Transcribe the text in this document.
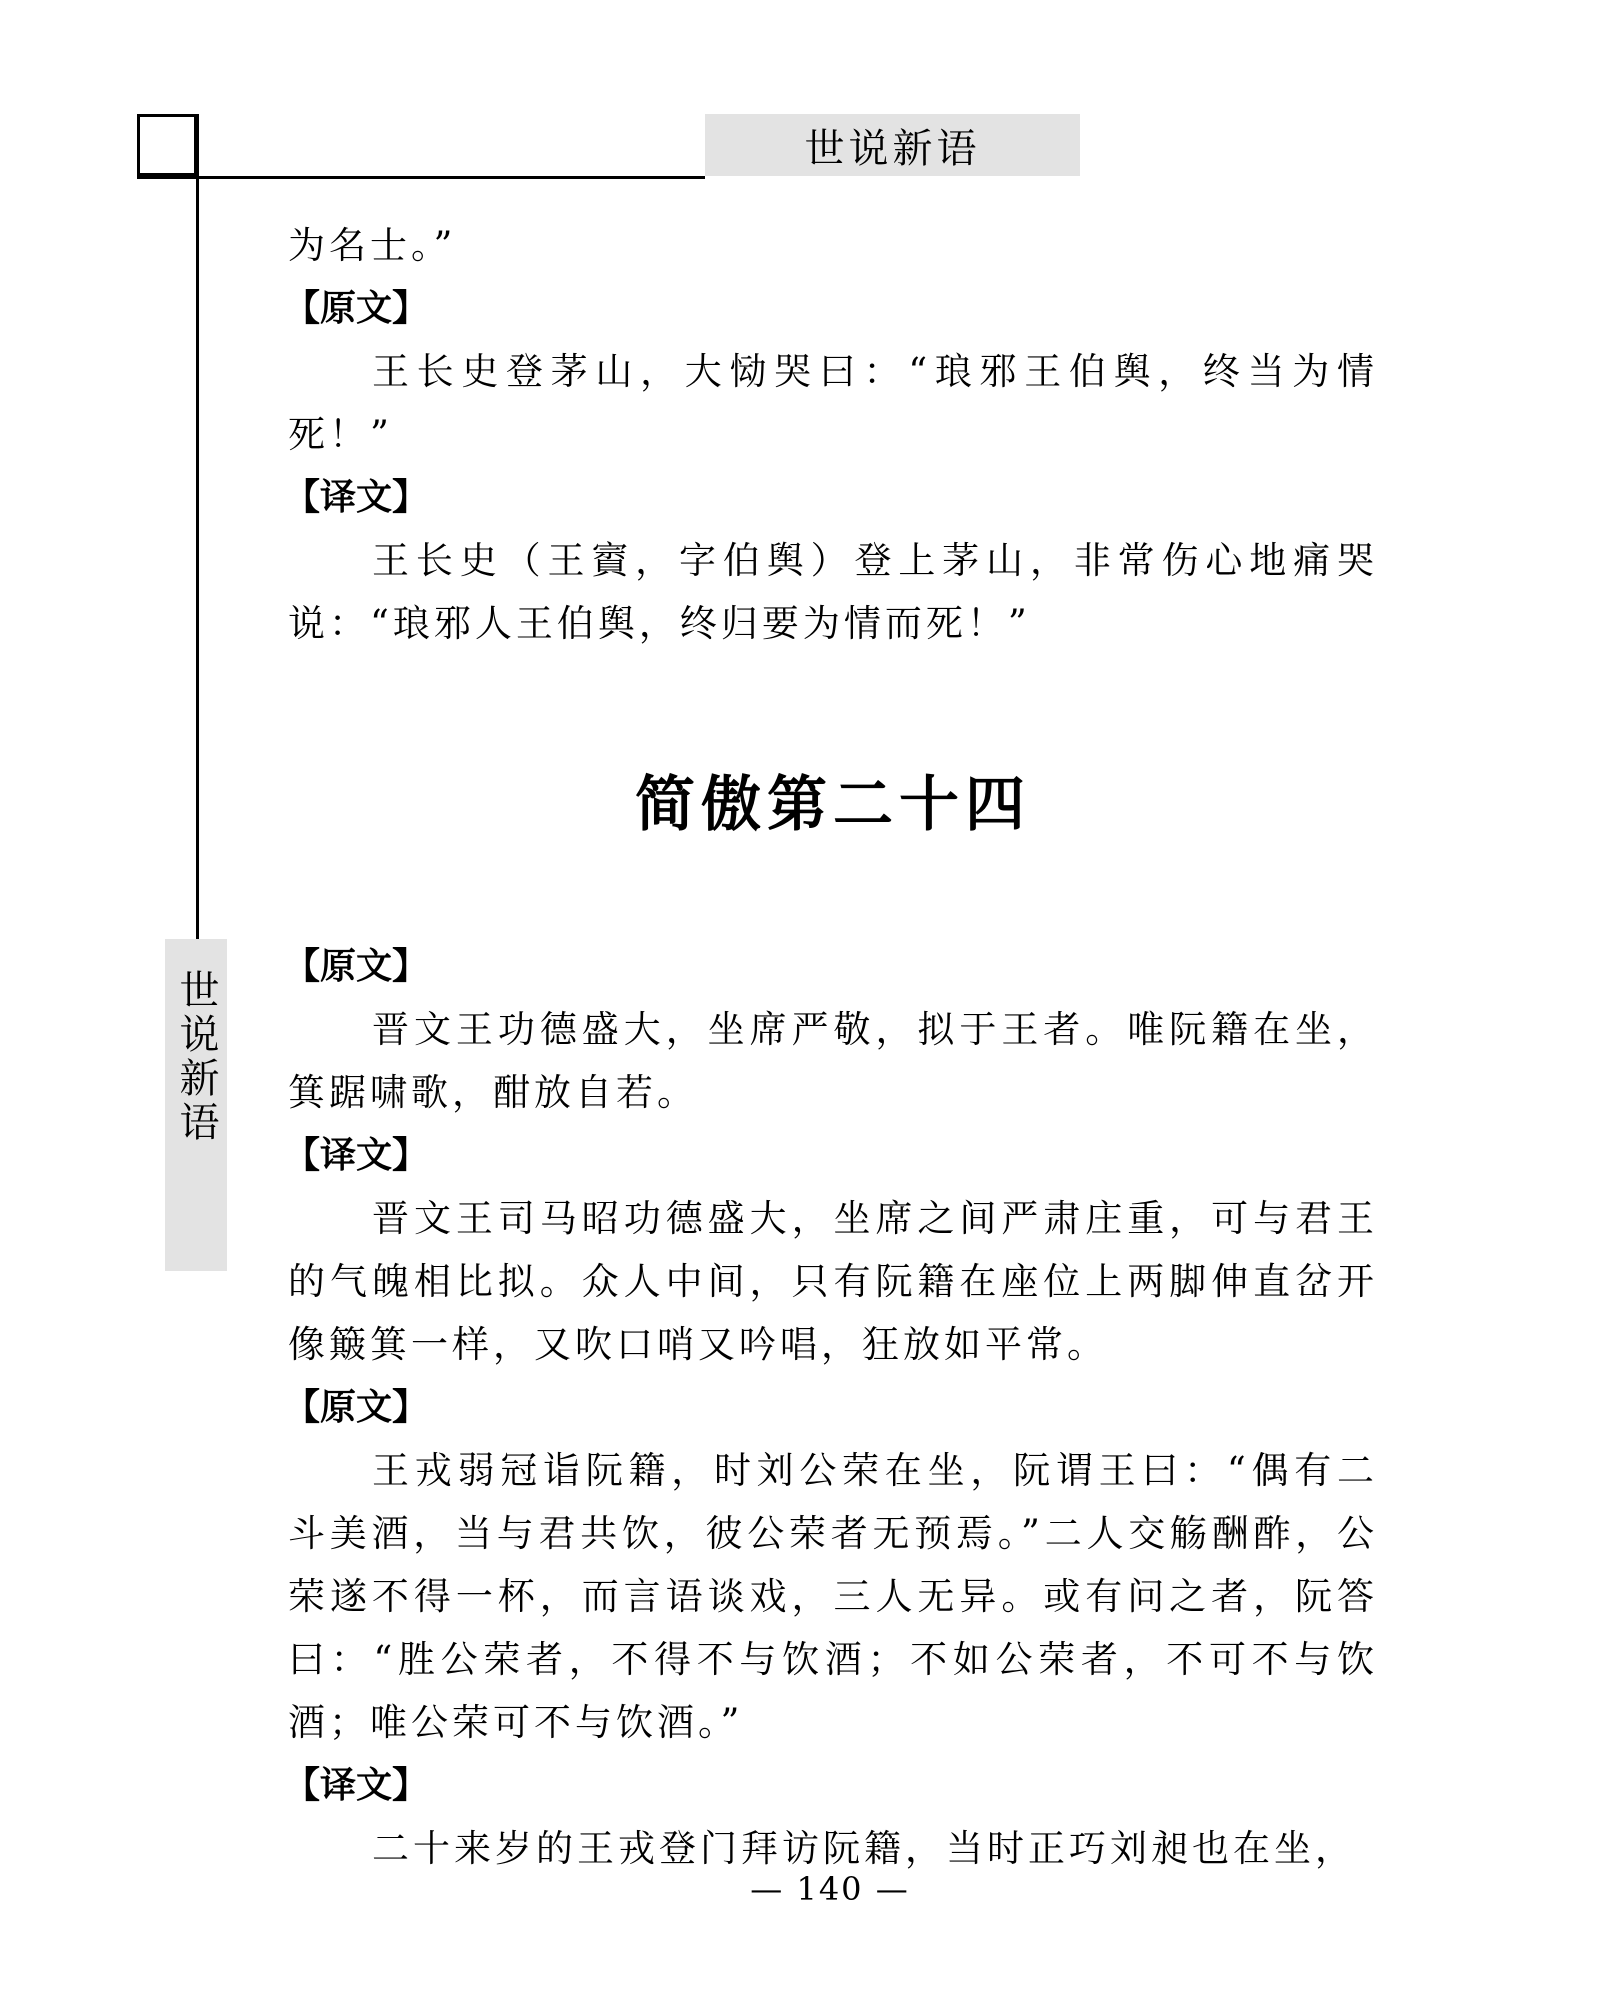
世说新语
世说新语

为名士。”

【原文】

王长史登茅山，大恸哭曰：“琅邪王伯舆，终当为情死！”

【译文】

王长史（王賨，字伯舆）登上茅山，非常伤心地痛哭说：“琅邪人王伯舆，终归要为情而死！”

简傲第二十四

【原文】

晋文王功德盛大，坐席严敬，拟于王者。唯阮籍在坐，箕踞啸歌，酣放自若。

【译文】

晋文王司马昭功德盛大，坐席之间严肃庄重，可与君王的气魄相比拟。众人中间，只有阮籍在座位上两脚伸直岔开像簸箕一样，又吹口哨又吟唱，狂放如平常。

【原文】

王戎弱冠诣阮籍，时刘公荣在坐，阮谓王曰：“偶有二斗美酒，当与君共饮，彼公荣者无预焉。”二人交觞酬酢，公荣遂不得一杯，而言语谈戏，三人无异。或有问之者，阮答曰：“胜公荣者，不得不与饮酒；不如公荣者，不可不与饮酒；唯公荣可不与饮酒。”

【译文】

二十来岁的王戎登门拜访阮籍，当时正巧刘昶也在坐，

— 140 —
